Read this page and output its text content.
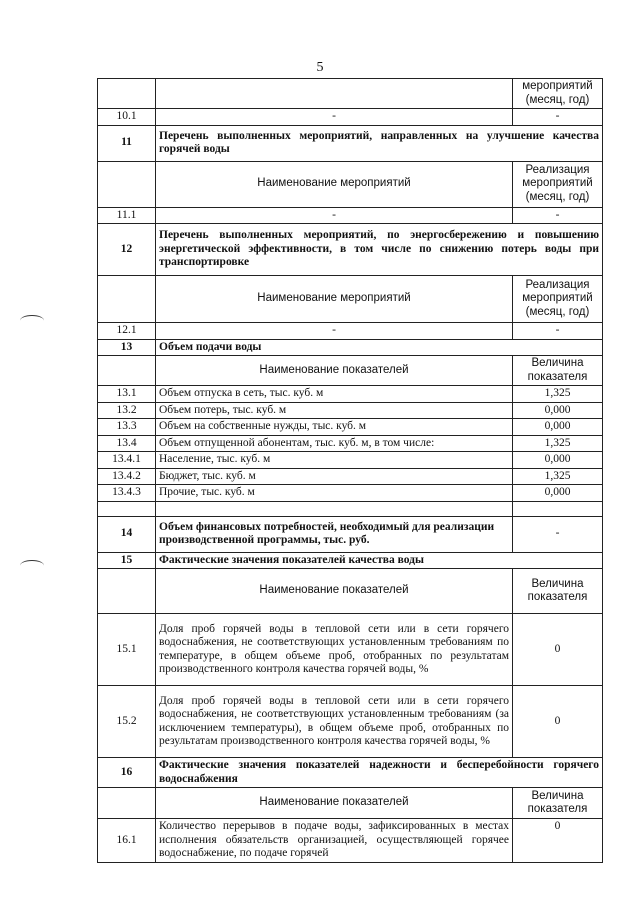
5
		мероприятий (месяц, год)
10.1	-	-
11	Перечень выполненных мероприятий, направленных на улучшение качества горячей воды	
	Наименование мероприятий	Реализация мероприятий (месяц, год)
11.1	-	-
12	Перечень выполненных мероприятий, по энергосбережению и повышению энергетической эффективности, в том числе по снижению потерь воды при транспортировке	
	Наименование мероприятий	Реализация мероприятий (месяц, год)
12.1	-	-
13	Объем подачи воды	
	Наименование показателей	Величина показателя
13.1	Объем отпуска в сеть, тыс. куб. м	1,325
13.2	Объем потерь, тыс. куб. м	0,000
13.3	Объем на собственные нужды, тыс. куб. м	0,000
13.4	Объем отпущенной абонентам, тыс. куб. м, в том числе:	1,325
13.4.1	Население, тыс. куб. м	0,000
13.4.2	Бюджет, тыс. куб. м	1,325
13.4.3	Прочие, тыс. куб. м	0,000

14	Объем финансовых потребностей, необходимый для реализации производственной программы, тыс. руб.	-
15	Фактические значения показателей качества воды	
	Наименование показателей	Величина показателя
15.1	Доля проб горячей воды в тепловой сети или в сети горячего водоснабжения, не соответствующих установленным требованиям по температуре, в общем объеме проб, отобранных по результатам производственного контроля качества горячей воды, %	0
15.2	Доля проб горячей воды в тепловой сети или в сети горячего водоснабжения, не соответствующих установленным требованиям (за исключением температуры), в общем объеме проб, отобранных по результатам производственного контроля качества горячей воды, %	0
16	Фактические значения показателей надежности и бесперебойности горячего водоснабжения	
	Наименование показателей	Величина показателя
16.1	Количество перерывов в подаче воды, зафиксированных в местах исполнения обязательств организацией, осуществляющей горячее водоснабжение, по подаче горячей	0
